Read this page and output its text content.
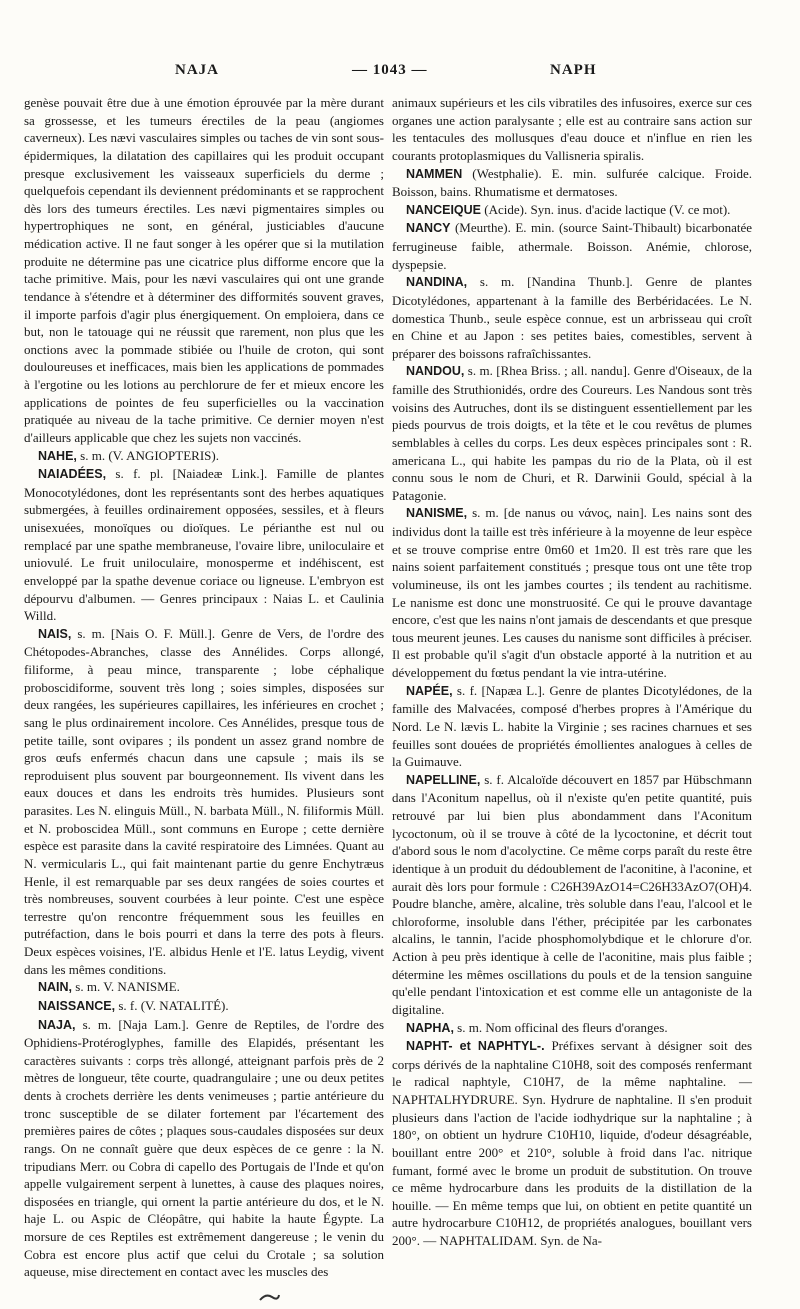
NAJA	— 1043 —	NAPH

genèse pouvait être due à une émotion éprouvée par la mère durant sa grossesse, et les tumeurs érectiles de la peau (angiomes caverneux). Les nævi vasculaires simples ou taches de vin sont sous-épidermiques, la dilatation des capillaires qui les produit occupant presque exclusivement les vaisseaux superficiels du derme ; quelquefois cependant ils deviennent prédominants et se rapprochent dès lors des tumeurs érectiles. Les nævi pigmentaires simples ou hypertrophiques ne sont, en général, justiciables d'aucune médication active. Il ne faut songer à les opérer que si la mutilation produite ne détermine pas une cicatrice plus difforme encore que la tache primitive. Mais, pour les nævi vasculaires qui ont une grande tendance à s'étendre et à déterminer des difformités souvent graves, il importe parfois d'agir plus énergiquement. On emploiera, dans ce but, non le tatouage qui ne réussit que rarement, non plus que les onctions avec la pommade stibiée ou l'huile de croton, qui sont douloureuses et inefficaces, mais bien les applications de pommades à l'ergotine ou les lotions au perchlorure de fer et mieux encore les applications de pointes de feu superficielles ou la vaccination pratiquée au niveau de la tache primitive. Ce dernier moyen n'est d'ailleurs applicable que chez les sujets non vaccinés.

NAHE, s. m. (V. ANGIOPTERIS).

NAIADÉES, s. f. pl. [Naiadeæ Link.]. Famille de plantes Monocotylédones, dont les représentants sont des herbes aquatiques submergées, à feuilles ordinairement opposées, sessiles, et à fleurs unisexuées, monoïques ou dioïques. Le périanthe est nul ou remplacé par une spathe membraneuse, l'ovaire libre, uniloculaire et uniovulé. Le fruit uniloculaire, monosperme et indéhiscent, est enveloppé par la spathe devenue coriace ou ligneuse. L'embryon est dépourvu d'albumen. — Genres principaux : Naias L. et Caulinia Willd.

NAIS, s. m. [Nais O. F. Müll.]. Genre de Vers, de l'ordre des Chétopodes-Abranches, classe des Annélides. Corps allongé, filiforme, à peau mince, transparente ; lobe céphalique proboscidiforme, souvent très long ; soies simples, disposées sur deux rangées, les supérieures capillaires, les inférieures en crochet ; sang le plus ordinairement incolore. Ces Annélides, presque tous de petite taille, sont ovipares ; ils pondent un assez grand nombre de gros œufs enfermés chacun dans une capsule ; mais ils se reproduisent plus souvent par bourgeonnement. Ils vivent dans les eaux douces et dans les endroits très humides. Plusieurs sont parasites. Les N. elinguis Müll., N. barbata Müll., N. filiformis Müll. et N. proboscidea Müll., sont communs en Europe ; cette dernière espèce est parasite dans la cavité respiratoire des Limnées. Quant au N. vermicularis L., qui fait maintenant partie du genre Enchytræus Henle, il est remarquable par ses deux rangées de soies courtes et très nombreuses, souvent courbées à leur pointe. C'est une espèce terrestre qu'on rencontre fréquemment sous les feuilles en putréfaction, dans le bois pourri et dans la terre des pots à fleurs. Deux espèces voisines, l'E. albidus Henle et l'E. latus Leydig, vivent dans les mêmes conditions.

NAIN, s. m. V. NANISME.

NAISSANCE, s. f. (V. NATALITÉ).

NAJA, s. m. [Naja Lam.]. Genre de Reptiles, de l'ordre des Ophidiens-Protéroglyphes, famille des Elapidés, présentant les caractères suivants : corps très allongé, atteignant parfois près de 2 mètres de longueur, tête courte, quadrangulaire ; une ou deux petites dents à crochets derrière les dents venimeuses ; partie antérieure du tronc susceptible de se dilater fortement par l'écartement des premières paires de côtes ; plaques sous-caudales disposées sur deux rangs. On ne connaît guère que deux espèces de ce genre : la N. tripudians Merr. ou Cobra di capello des Portugais de l'Inde et qu'on appelle vulgairement serpent à lunettes, à cause des plaques noires, disposées en triangle, qui ornent la partie antérieure du dos, et le N. haje L. ou Aspic de Cléopâtre, qui habite la haute Égypte. La morsure de ces Reptiles est extrêmement dangereuse ; le venin du Cobra est encore plus actif que celui du Crotale ; sa solution aqueuse, mise directement en contact avec les muscles des

animaux supérieurs et les cils vibratiles des infusoires, exerce sur ces organes une action paralysante ; elle est au contraire sans action sur les tentacules des mollusques d'eau douce et n'influe en rien les courants protoplasmiques du Vallisneria spiralis.

NAMMEN (Westphalie). E. min. sulfurée calcique. Froide. Boisson, bains. Rhumatisme et dermatoses.

NANCEIQUE (Acide). Syn. inus. d'acide lactique (V. ce mot).

NANCY (Meurthe). E. min. (source Saint-Thibault) bicarbonatée ferrugineuse faible, athermale. Boisson. Anémie, chlorose, dyspepsie.

NANDINA, s. m. [Nandina Thunb.]. Genre de plantes Dicotylédones, appartenant à la famille des Berbéridacées. Le N. domestica Thunb., seule espèce connue, est un arbrisseau qui croît en Chine et au Japon : ses petites baies, comestibles, servent à préparer des boissons rafraîchissantes.

NANDOU, s. m. [Rhea Briss. ; all. nandu]. Genre d'Oiseaux, de la famille des Struthionidés, ordre des Coureurs. Les Nandous sont très voisins des Autruches, dont ils se distinguent essentiellement par les pieds pourvus de trois doigts, et la tête et le cou revêtus de plumes semblables à celles du corps. Les deux espèces principales sont : R. americana L., qui habite les pampas du rio de la Plata, où il est connu sous le nom de Churi, et R. Darwinii Gould, spécial à la Patagonie.

NANISME, s. m. [de nanus ou νάνος, nain]. Les nains sont des individus dont la taille est très inférieure à la moyenne de leur espèce et se trouve comprise entre 0m60 et 1m20. Il est très rare que les nains soient parfaitement constitués ; presque tous ont une tête trop volumineuse, ils ont les jambes courtes ; ils tendent au rachitisme. Le nanisme est donc une monstruosité. Ce qui le prouve davantage encore, c'est que les nains n'ont jamais de descendants et que presque tous meurent jeunes. Les causes du nanisme sont difficiles à préciser. Il est probable qu'il s'agit d'un obstacle apporté à la nutrition et au développement du fœtus pendant la vie intra-utérine.

NAPÉE, s. f. [Napæa L.]. Genre de plantes Dicotylédones, de la famille des Malvacées, composé d'herbes propres à l'Amérique du Nord. Le N. lævis L. habite la Virginie ; ses racines charnues et ses feuilles sont douées de propriétés émollientes analogues à celles de la Guimauve.

NAPELLINE, s. f. Alcaloïde découvert en 1857 par Hübschmann dans l'Aconitum napellus, où il n'existe qu'en petite quantité, puis retrouvé par lui bien plus abondamment dans l'Aconitum lycoctonum, où il se trouve à côté de la lycoctonine, et décrit tout d'abord sous le nom d'acolyctine. Ce même corps paraît du reste être identique à un produit du dédoublement de l'aconitine, à l'aconine, et aurait dès lors pour formule : C26H39AzO14=C26H33AzO7(OH)4. Poudre blanche, amère, alcaline, très soluble dans l'eau, l'alcool et le chloroforme, insoluble dans l'éther, précipitée par les carbonates alcalins, le tannin, l'acide phosphomolybdique et le chlorure d'or. Action à peu près identique à celle de l'aconitine, mais plus faible ; détermine les mêmes oscillations du pouls et de la tension sanguine qu'elle pendant l'intoxication et est comme elle un antagoniste de la digitaline.

NAPHA, s. m. Nom officinal des fleurs d'oranges.

NAPHT- et NAPHTYL-. Préfixes servant à désigner soit des corps dérivés de la naphtaline C10H8, soit des composés renfermant le radical naphtyle, C10H7, de la même naphtaline. — NAPHTALHYDRURE. Syn. Hydrure de naphtaline. Il s'en produit plusieurs dans l'action de l'acide iodhydrique sur la naphtaline ; à 180°, on obtient un hydrure C10H10, liquide, d'odeur désagréable, bouillant entre 200° et 210°, soluble à froid dans l'ac. nitrique fumant, formé avec le brome un produit de substitution. On trouve ce même hydrocarbure dans les produits de la distillation de la houille. — En même temps que lui, on obtient en petite quantité un autre hydrocarbure C10H12, de propriétés analogues, bouillant vers 200°. — NAPHTALIDAM. Syn. de Na-
